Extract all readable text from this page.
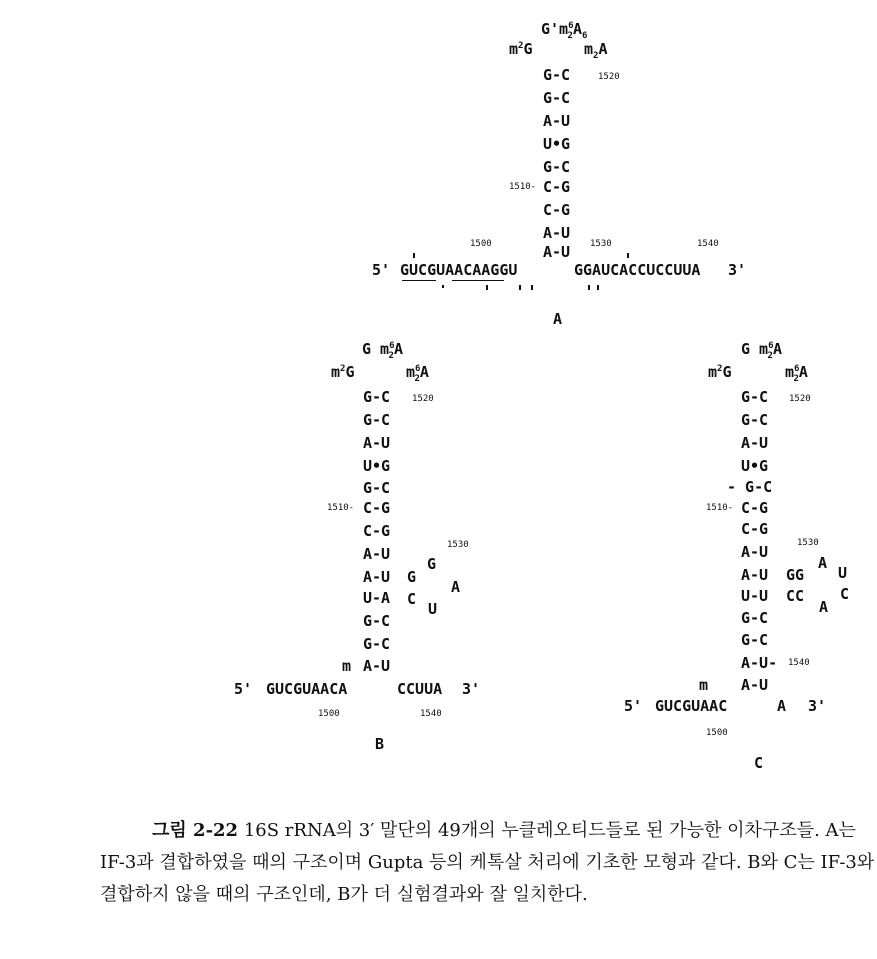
$G'm^6_2A_6$
$m^2G$	$m_2A$
G-C	1520
G-C
A-U
U•G
G-C
1510- C-G
C-G
A-U
A-U
1500	1530	1540
5' GUCGUAACAAGGU	GGAUCACCUCCUUA 3'
A
G $m^6_2A$
$m^2G$	$m^6_2A$
G-C 1520
G-C
A-U
U•G
G-C
1510- C-G
C-G
A-U
A-U
U-A
G-C
G-C
A-U
1530
G
G
A
C
U
m
5' GUCGUAACA	CCUUA 3'
1500	1540
B
G $m^6_2A$
$m^2G$	$m^6_2A$
G-C 1520
G-C
A-U
U•G
- G-C
1510- C-G
C-G
A-U
A-U
U-U
G-C
G-C
A-U- 1540
A-U
1530
GG
A
U
CC
A
C
m
5' GUCGUAAC	A 3'
1500
C
그림 2-22 16S rRNA의 3′ 말단의 49개의 누클레오티드들로 된 가능한 이차구조들. A는 IF-3과 결합하였을 때의 구조이며 Gupta 등의 케톡살 처리에 기초한 모형과 같다. B와 C는 IF-3와 결합하지 않을 때의 구조인데, B가 더 실험결과와 잘 일치한다.
